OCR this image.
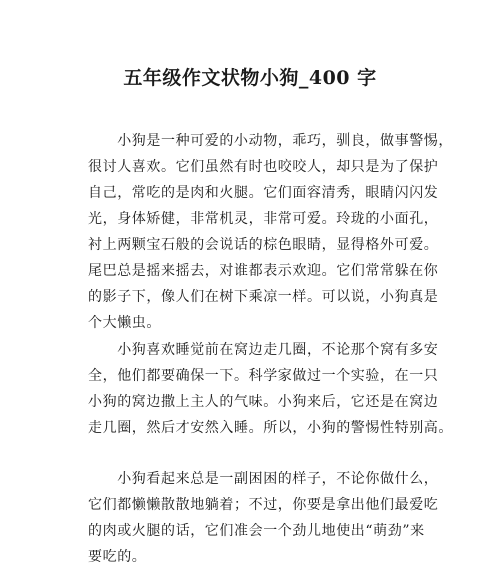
五年级作文状物小狗_400 字
　　小狗是一种可爱的小动物，乖巧，驯良，做事警惕，
很讨人喜欢。它们虽然有时也咬咬人，却只是为了保护
自己，常吃的是肉和火腿。它们面容清秀，眼睛闪闪发
光，身体矫健，非常机灵，非常可爱。玲珑的小面孔，
衬上两颗宝石般的会说话的棕色眼睛，显得格外可爱。
尾巴总是摇来摇去，对谁都表示欢迎。它们常常躲在你
的影子下，像人们在树下乘凉一样。可以说，小狗真是
个大懒虫。
　　小狗喜欢睡觉前在窝边走几圈，不论那个窝有多安
全，他们都要确保一下。科学家做过一个实验，在一只
小狗的窝边撒上主人的气味。小狗来后，它还是在窝边
走几圈，然后才安然入睡。所以，小狗的警惕性特别高。
　　小狗看起来总是一副困困的样子，不论你做什么，
它们都懒懒散散地躺着；不过，你要是拿出他们最爱吃
的肉或火腿的话，它们准会一个劲儿地使出“萌劲”来
要吃的。
